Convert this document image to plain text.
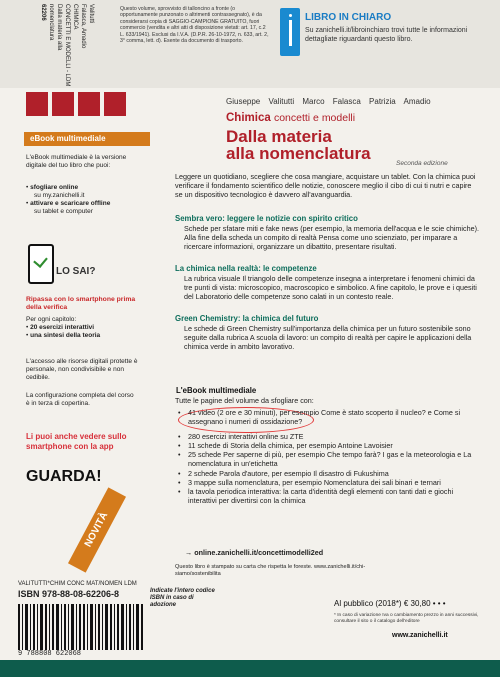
Valitutti
Falasca, Amadio
CHIMICA
CONCETTI E MODELLI - LDM
Dalla materia alla
nomenclatura
62206	Questo volume, sprovvisto di talloncino a fronte (o opportunamente punzonato o altrimenti contrassegnato), è da considerarsi copia di SAGGIO-CAMPIONE GRATUITO, fuori commercio (vendita e altri atti di disposizione vietati: art. 17, c.2 L. 633/1941). Esclusi da I.V.A. (D.P.R. 26-10-1972, n. 633, art. 2, 3° comma, lett. d). Esente da documento di trasporto.
LIBRO IN CHIARO
Su zanichelli.it/libroinchiaro trovi tutte le informazioni dettagliate riguardanti questo libro.
Giuseppe Valitutti Marco Falasca Patrizia Amadio
Chimica concetti e modelli
Dalla materia
alla nomenclatura
Seconda edizione
eBook multimediale
L'eBook multimediale è la versione digitale del tuo libro che puoi:
• sfogliare online
su my.zanichelli.it
• attivare e scaricare offline
su tablet e computer
LO SAI?
Ripassa con lo smartphone prima della verifica
Per ogni capitolo:
• 20 esercizi interattivi
• una sintesi della teoria
L'accesso alle risorse digitali protette è personale, non condivisibile e non cedibile.
La configurazione completa del corso è in terza di copertina.
Li puoi anche vedere sullo smartphone con la app
GUARDA!
NOVITÀ
Leggere un quotidiano, scegliere che cosa mangiare, acquistare un tablet. Con la chimica puoi verificare il fondamento scientifico delle notizie, conoscere meglio il cibo di cui ti nutri e capire se un dispositivo tecnologico è davvero all'avanguardia.
Sembra vero: leggere le notizie con spirito critico
Schede per sfatare miti e fake news (per esempio, la memoria dell'acqua e le scie chimiche). Alla fine della scheda un compito di realtà Pensa come uno scienziato, per imparare a ricercare informazioni, organizzare un dibattito, presentare risultati.
La chimica nella realtà: le competenze
La rubrica visuale Il triangolo delle competenze insegna a interpretare i fenomeni chimici da tre punti di vista: microscopico, macroscopico e simbolico. A fine capitolo, le prove e i quesiti del Laboratorio delle competenze sono calati in un contesto reale.
Green Chemistry: la chimica del futuro
Le schede di Green Chemistry sull'importanza della chimica per un futuro sostenibile sono seguite dalla rubrica A scuola di lavoro: un compito di realtà per capire le applicazioni della chimica verde in ambito lavorativo.
L'eBook multimediale
Tutte le pagine del volume da sfogliare con:
• 41 video (2 ore e 30 minuti), per esempio Come è stato scoperto il nucleo? e Come si assegnano i numeri di ossidazione?
• 280 esercizi interattivi online su ZTE
• 11 schede di Storia della chimica, per esempio Antoine Lavoisier
• 25 schede Per saperne di più, per esempio Che tempo farà? I gas e la meteorologia e La nomenclatura in un'etichetta
• 2 schede Parola d'autore, per esempio Il disastro di Fukushima
• 3 mappe sulla nomenclatura, per esempio Nomenclatura dei sali binari e ternari
• la tavola periodica interattiva: la carta d'identità degli elementi con tanti dati e giochi interattivi per divertirsi con la chimica
→ online.zanichelli.it/concettimodelli2ed
Questo libro è stampato su carta che rispetta le foreste. www.zanichelli.it/chi-siamo/sostenibilita
VALITUTTI*CHIM CONC MAT/NOMEN LDM
ISBN 978-88-08-62206-8	Indicate l'intero codice ISBN in caso di adozione
9 788808 622068
Al pubblico (2018*) € 30,80 • • •
* In caso di variazione Iva o cambiamento prezzo in anni successivi, consultare il sito o il catalogo dell'editore
www.zanichelli.it
